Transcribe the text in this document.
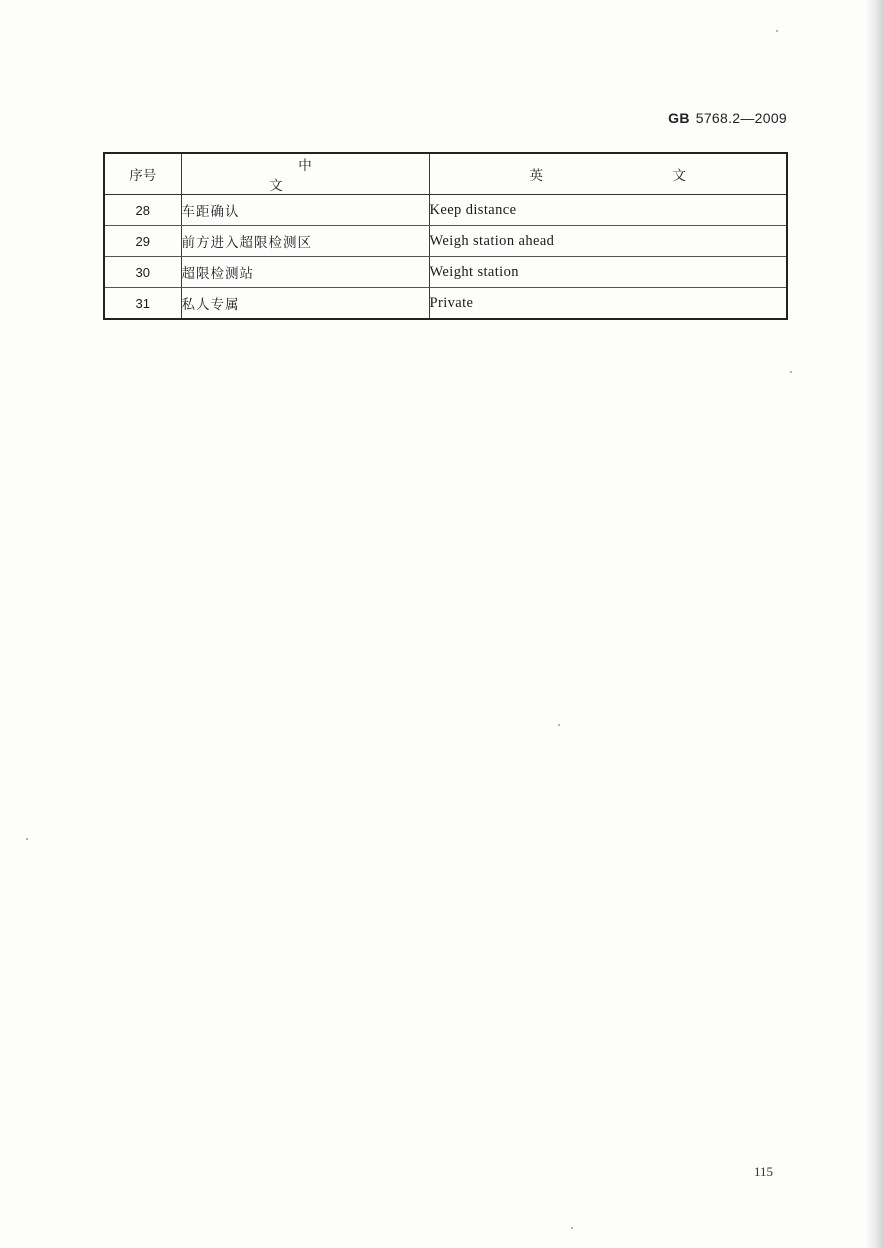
GB 5768.2—2009
序号	中　文	英　文
28	车距确认	Keep distance
29	前方进入超限检测区	Weigh station ahead
30	超限检测站	Weight station
31	私人专属	Private
115
